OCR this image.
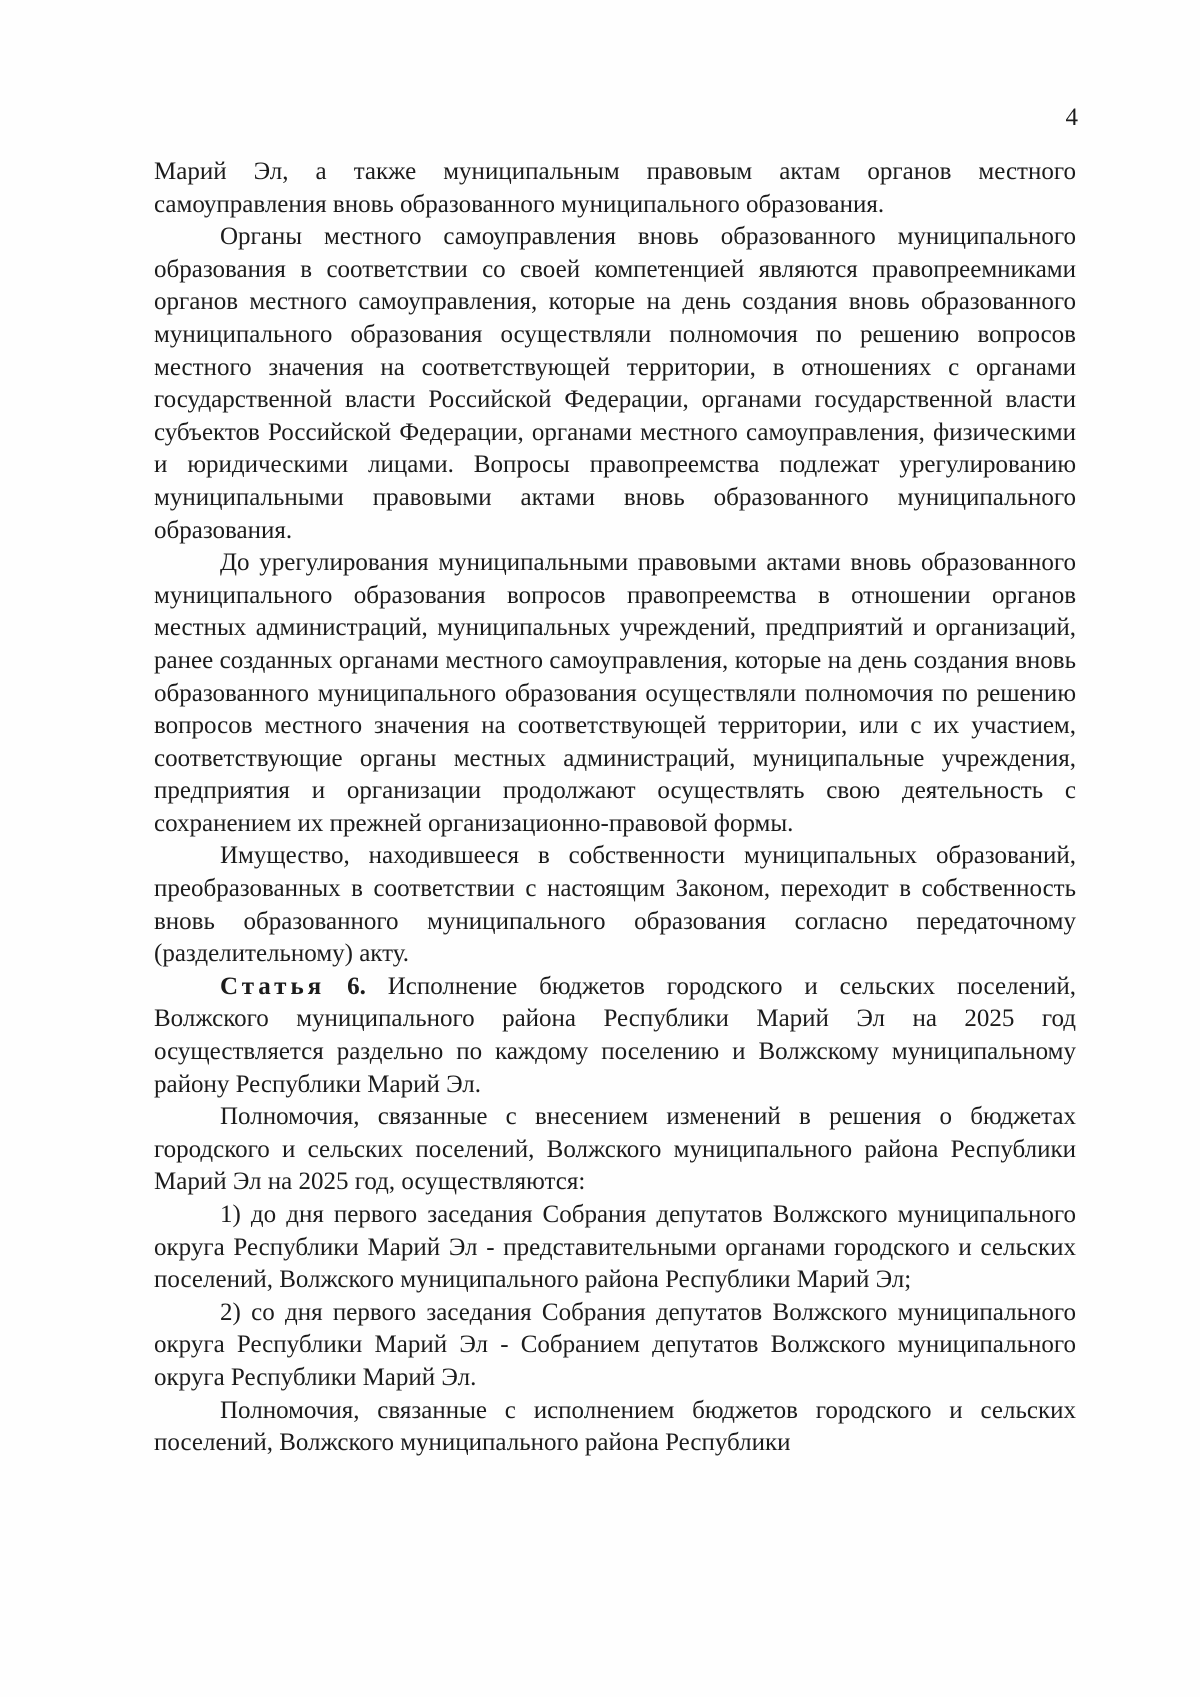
4

Марий Эл, а также муниципальным правовым актам органов местного самоуправления вновь образованного муниципального образования.

Органы местного самоуправления вновь образованного муниципального образования в соответствии со своей компетенцией являются правопреемниками органов местного самоуправления, которые на день создания вновь образованного муниципального образования осуществляли полномочия по решению вопросов местного значения на соответствующей территории, в отношениях с органами государственной власти Российской Федерации, органами государственной власти субъектов Российской Федерации, органами местного самоуправления, физическими и юридическими лицами. Вопросы правопреемства подлежат урегулированию муниципальными правовыми актами вновь образованного муниципального образования.

До урегулирования муниципальными правовыми актами вновь образованного муниципального образования вопросов правопреемства в отношении органов местных администраций, муниципальных учреждений, предприятий и организаций, ранее созданных органами местного самоуправления, которые на день создания вновь образованного муниципального образования осуществляли полномочия по решению вопросов местного значения на соответствующей территории, или с их участием, соответствующие органы местных администраций, муниципальные учреждения, предприятия и организации продолжают осуществлять свою деятельность с сохранением их прежней организационно-правовой формы.

Имущество, находившееся в собственности муниципальных образований, преобразованных в соответствии с настоящим Законом, переходит в собственность вновь образованного муниципального образования согласно передаточному (разделительному) акту.

Статья 6. Исполнение бюджетов городского и сельских поселений, Волжского муниципального района Республики Марий Эл на 2025 год осуществляется раздельно по каждому поселению и Волжскому муниципальному району Республики Марий Эл.

Полномочия, связанные с внесением изменений в решения о бюджетах городского и сельских поселений, Волжского муниципального района Республики Марий Эл на 2025 год, осуществляются:

1) до дня первого заседания Собрания депутатов Волжского муниципального округа Республики Марий Эл - представительными органами городского и сельских поселений, Волжского муниципального района Республики Марий Эл;

2) со дня первого заседания Собрания депутатов Волжского муниципального округа Республики Марий Эл - Собранием депутатов Волжского муниципального округа Республики Марий Эл.

Полномочия, связанные с исполнением бюджетов городского и сельских поселений, Волжского муниципального района Республики
